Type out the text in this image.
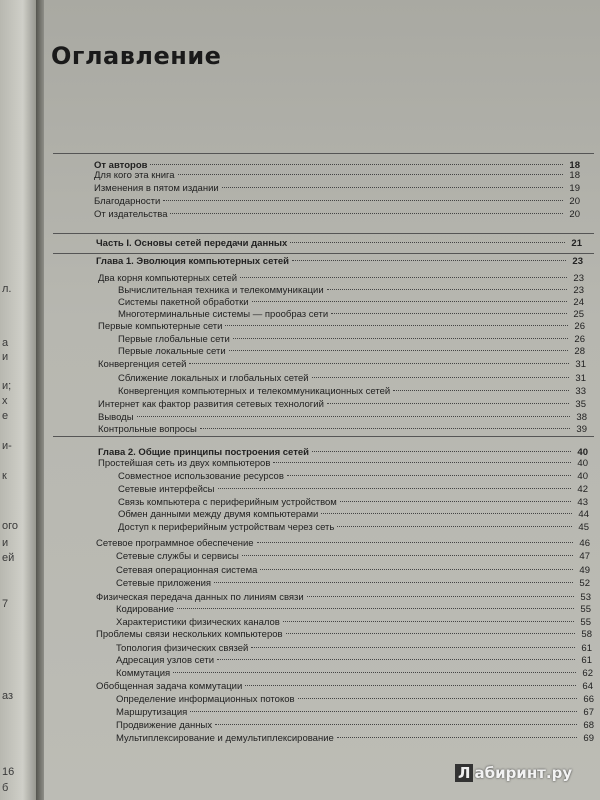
л.
а
и
и;
х
е
и-
к
ого
и
ей
7
аз
16
б
Оглавление
От авторов	18
Для кого эта книга	18
Изменения в пятом издании	19
Благодарности	20
От издательства	20
Часть I. Основы сетей передачи данных	21
Глава 1. Эволюция компьютерных сетей	23
Два корня компьютерных сетей	23
Вычислительная техника и телекоммуникации	23
Системы пакетной обработки	24
Многотерминальные системы — прообраз сети	25
Первые компьютерные сети	26
Первые глобальные сети	26
Первые локальные сети	28
Конвергенция сетей	31
Сближение локальных и глобальных сетей	31
Конвергенция компьютерных и телекоммуникационных сетей	33
Интернет как фактор развития сетевых технологий	35
Выводы	38
Контрольные вопросы	39
Глава 2. Общие принципы построения сетей	40
Простейшая сеть из двух компьютеров	40
Совместное использование ресурсов	40
Сетевые интерфейсы	42
Связь компьютера с периферийным устройством	43
Обмен данными между двумя компьютерами	44
Доступ к периферийным устройствам через сеть	45
Сетевое программное обеспечение	46
Сетевые службы и сервисы	47
Сетевая операционная система	49
Сетевые приложения	52
Физическая передача данных по линиям связи	53
Кодирование	55
Характеристики физических каналов	55
Проблемы связи нескольких компьютеров	58
Топология физических связей	61
Адресация узлов сети	61
Коммутация	62
Обобщенная задача коммутации	64
Определение информационных потоков	66
Маршрутизация	67
Продвижение данных	68
Мультиплексирование и демультиплексирование	69
Л абиринт.ру
